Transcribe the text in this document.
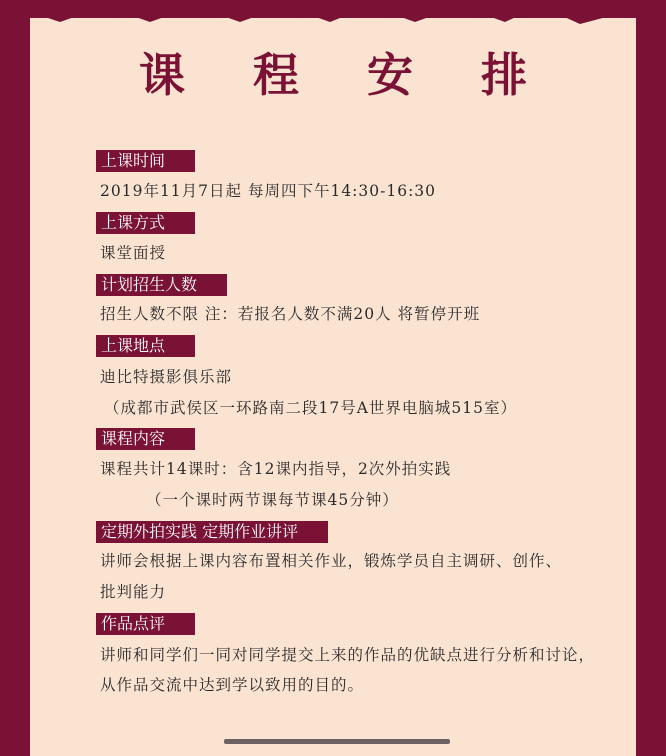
课 程 安 排
上课时间
2019年11月7日起 每周四下午14:30-16:30
上课方式
课堂面授
计划招生人数
招生人数不限 注：若报名人数不满20人 将暂停开班
上课地点
迪比特摄影俱乐部
（成都市武侯区一环路南二段17号A世界电脑城515室）
课程内容
课程共计14课时：含12课内指导，2次外拍实践
（一个课时两节课每节课45分钟）
定期外拍实践 定期作业讲评
讲师会根据上课内容布置相关作业，锻炼学员自主调研、创作、
批判能力
作品点评
讲师和同学们一同对同学提交上来的作品的优缺点进行分析和讨论，
从作品交流中达到学以致用的目的。
